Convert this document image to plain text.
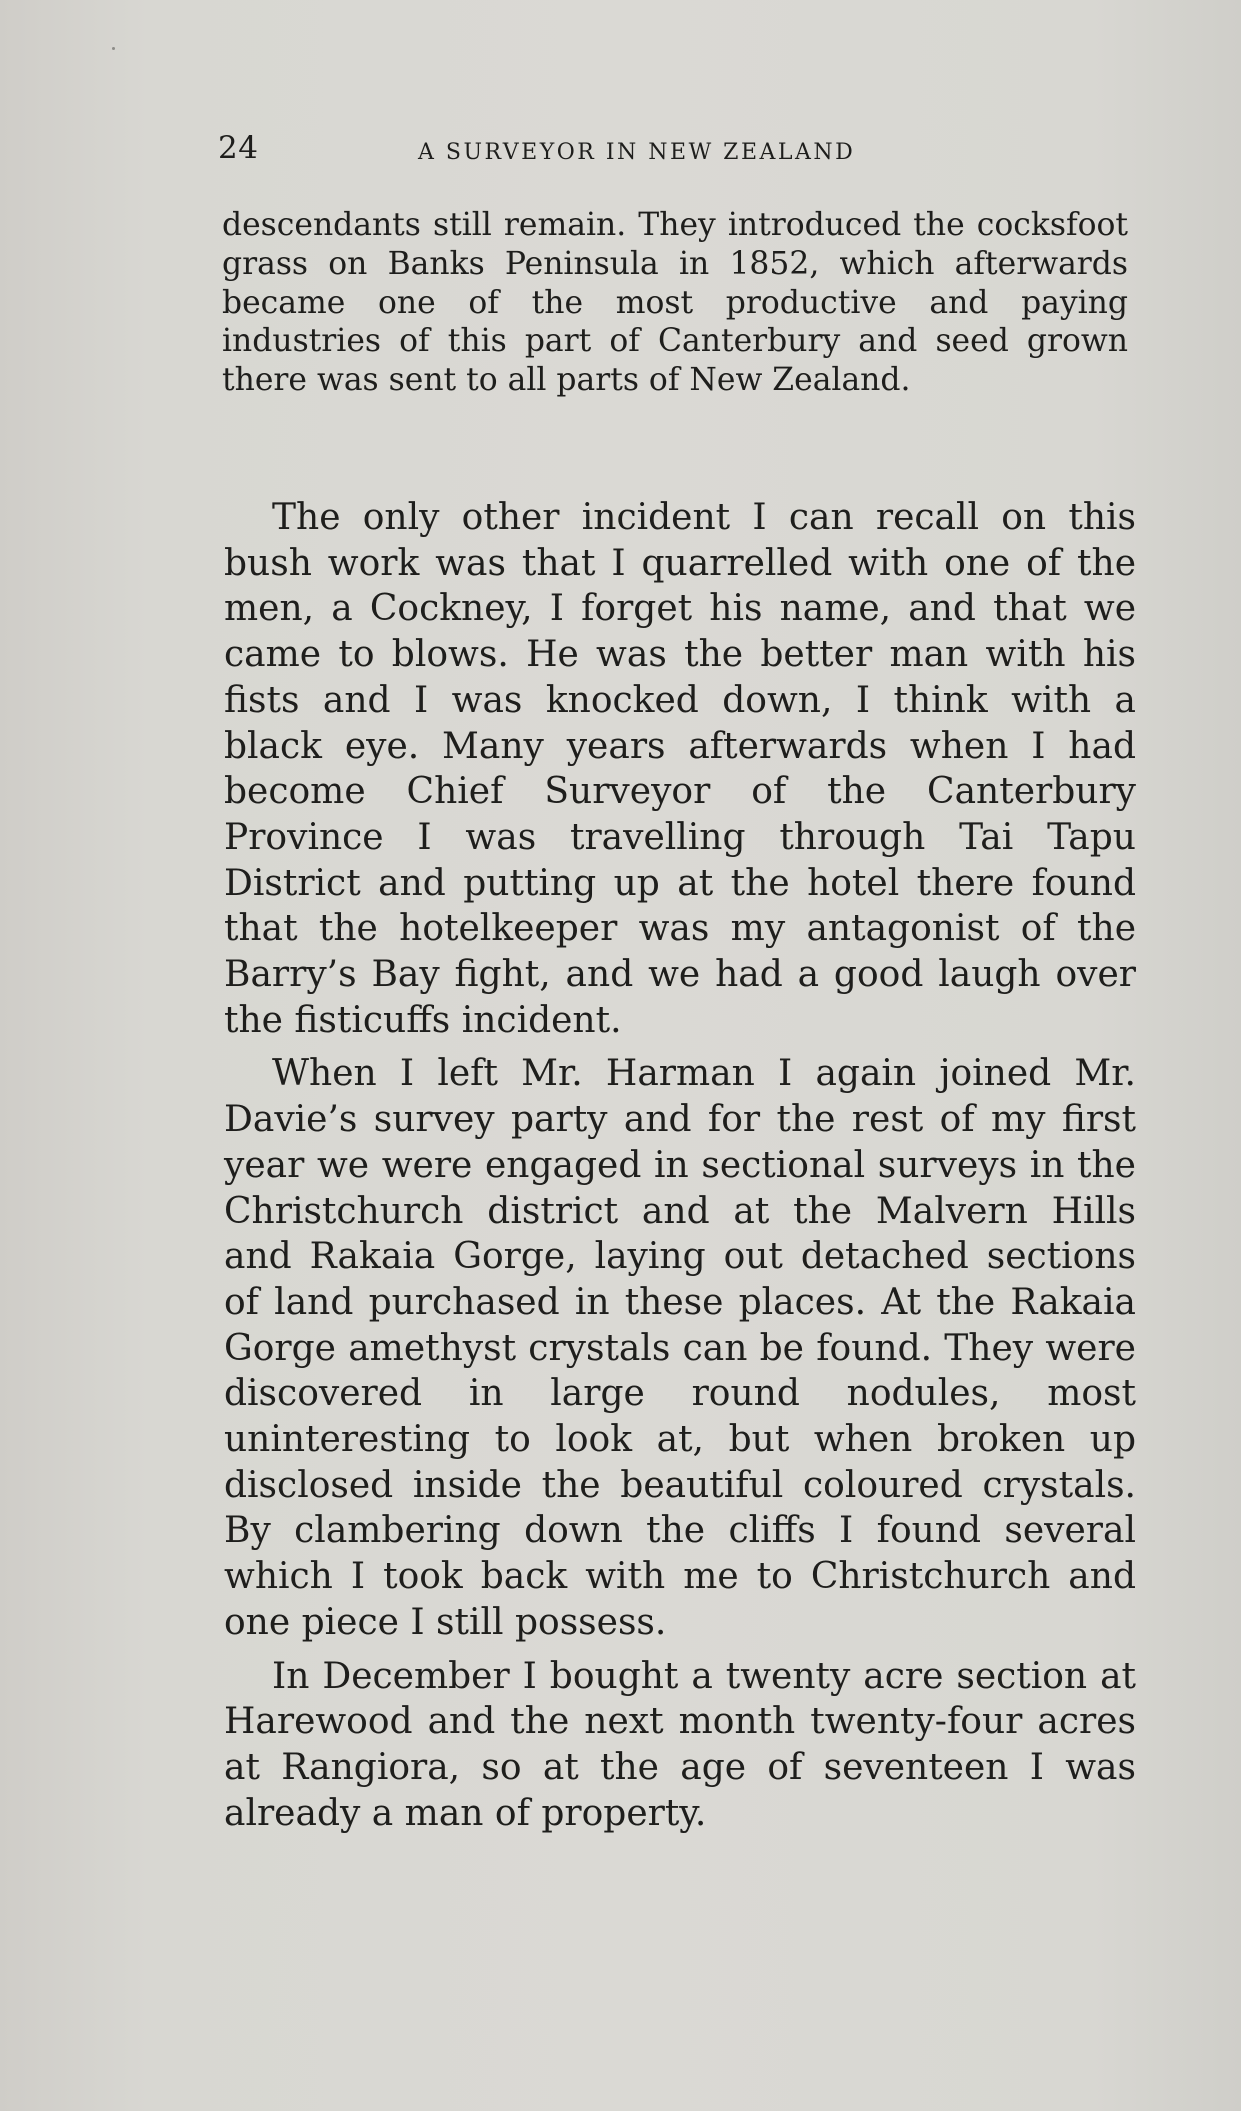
24	A SURVEYOR IN NEW ZEALAND

descendants still remain. They introduced the cocksfoot grass on Banks Peninsula in 1852, which afterwards became one of the most productive and paying industries of this part of Canterbury and seed grown there was sent to all parts of New Zealand.

The only other incident I can recall on this bush work was that I quarrelled with one of the men, a Cockney, I forget his name, and that we came to blows. He was the better man with his fists and I was knocked down, I think with a black eye. Many years afterwards when I had become Chief Surveyor of the Canterbury Province I was travelling through Tai Tapu District and putting up at the hotel there found that the hotelkeeper was my antagonist of the Barry’s Bay fight, and we had a good laugh over the fisticuffs incident.

When I left Mr. Harman I again joined Mr. Davie’s survey party and for the rest of my first year we were engaged in sectional surveys in the Christchurch district and at the Malvern Hills and Rakaia Gorge, laying out detached sections of land purchased in these places. At the Rakaia Gorge amethyst crystals can be found. They were discovered in large round nodules, most uninteresting to look at, but when broken up disclosed inside the beautiful coloured crystals. By clambering down the cliffs I found several which I took back with me to Christchurch and one piece I still possess.

In December I bought a twenty acre section at Harewood and the next month twenty-four acres at Rangiora, so at the age of seventeen I was already a man of property.
